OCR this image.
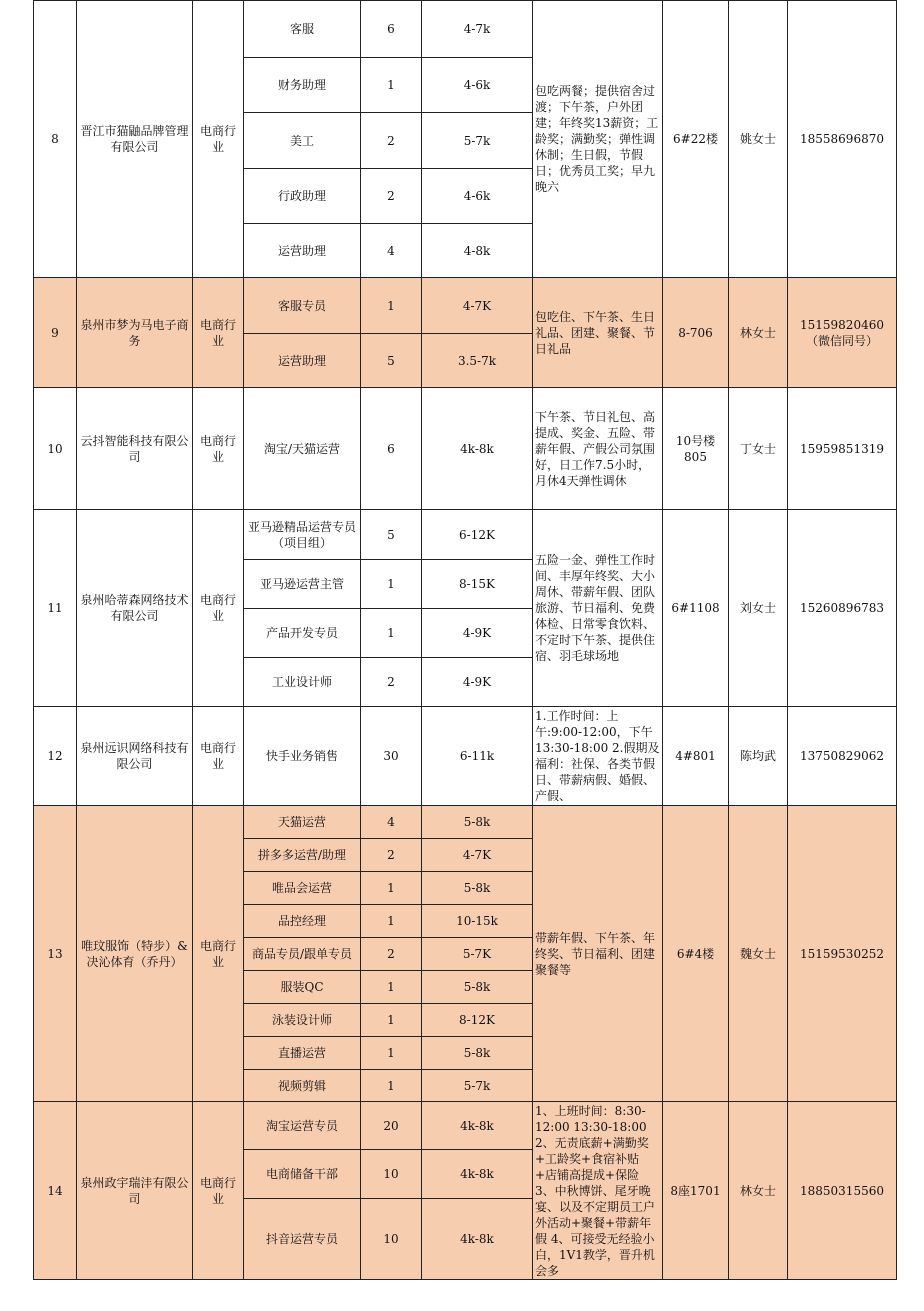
8	晋江市猫鼬品牌管理有限公司	电商行业	客服	6	4-7k	包吃两餐；提供宿舍过渡；下午茶，户外团建；年终奖13薪资；工龄奖；满勤奖；弹性调休制；生日假，节假日；优秀员工奖；早九晚六	6#22楼	姚女士	18558696870
			财务助理	1	4-6k				
			美工	2	5-7k				
			行政助理	2	4-6k				
			运营助理	4	4-8k				
9	泉州市梦为马电子商务	电商行业	客服专员	1	4-7K	包吃住、下午茶、生日礼品、团建、聚餐、节日礼品	8-706	林女士	15159820460（微信同号）
			运营助理	5	3.5-7k				
10	云抖智能科技有限公司	电商行业	淘宝/天猫运营	6	4k-8k	下午茶、节日礼包、高提成、奖金、五险、带薪年假、产假公司氛围好，日工作7.5小时，月休4天弹性调休	10号楼805	丁女士	15959851319
11	泉州哈蒂森网络技术有限公司	电商行业	亚马逊精品运营专员（项目组）	5	6-12K	五险一金、弹性工作时间、丰厚年终奖、大小周休、带薪年假、团队旅游、节日福利、免费体检、日常零食饮料、不定时下午茶、提供住宿、羽毛球场地	6#1108	刘女士	15260896783
			亚马逊运营主管	1	8-15K				
			产品开发专员	1	4-9K				
			工业设计师	2	4-9K				
12	泉州远识网络科技有限公司	电商行业	快手业务销售	30	6-11k	1.工作时间：上午:9:00-12:00，下午13:30-18:00 2.假期及福利：社保、各类节假日、带薪病假、婚假、产假、	4#801	陈均武	13750829062
13	唯玟服饰（特步）& 决沁体育（乔丹）	电商行业	天猫运营	4	5-8k	带薪年假、下午茶、年终奖、节日福利、团建聚餐等	6#4楼	魏女士	15159530252
			拼多多运营/助理	2	4-7K				
			唯品会运营	1	5-8k				
			品控经理	1	10-15k				
			商品专员/跟单专员	2	5-7K				
			服装QC	1	5-8k				
			泳装设计师	1	8-12K				
			直播运营	1	5-8k				
			视频剪辑	1	5-7k				
14	泉州政宇瑞沣有限公司	电商行业	淘宝运营专员	20	4k-8k	1、上班时间：8:30-12:00 13:30-18:00 2、无责底薪+满勤奖+工龄奖+食宿补贴+店铺高提成+保险 3、中秋博饼、尾牙晚宴、以及不定期员工户外活动+聚餐+带薪年假 4、可接受无经验小白，1V1教学，晋升机会多	8座1701	林女士	18850315560
			电商储备干部	10	4k-8k				
			抖音运营专员	10	4k-8k				
